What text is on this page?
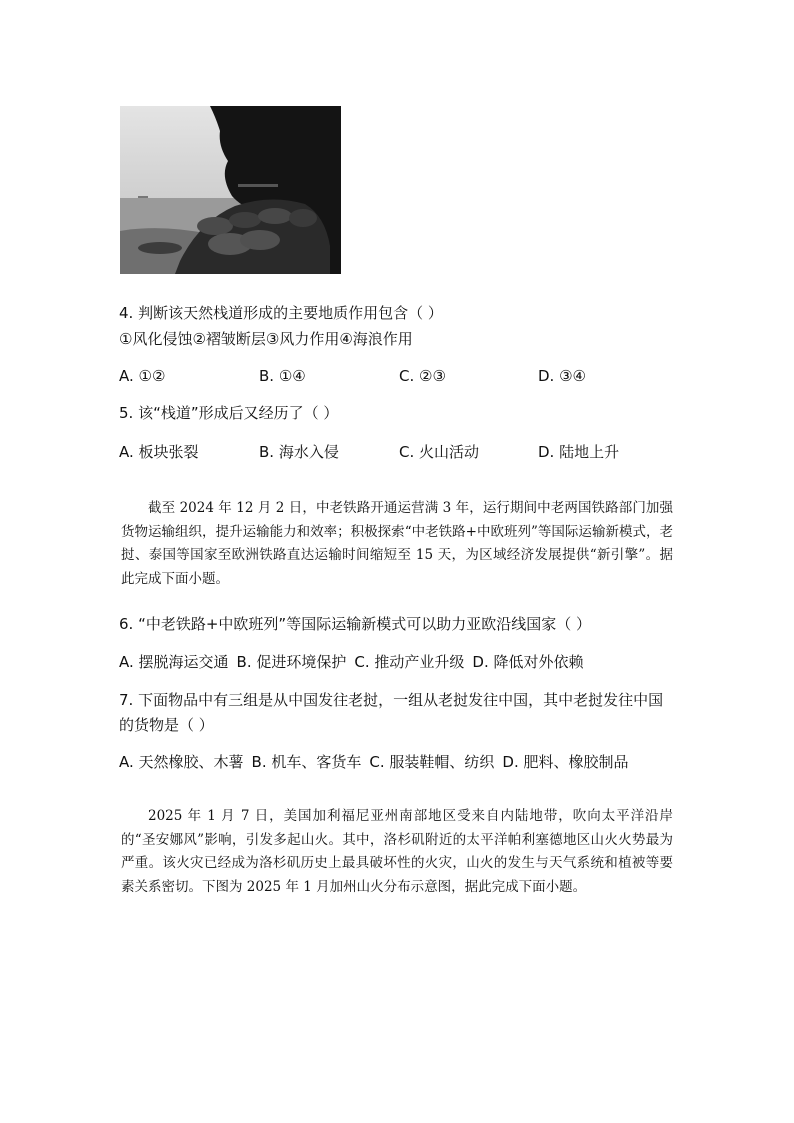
4. 判断该天然栈道形成的主要地质作用包含（ ）
①风化侵蚀②褶皱断层③风力作用④海浪作用
A. ①②	B. ①④	C. ②③	D. ③④
5. 该“栈道”形成后又经历了（ ）
A. 板块张裂	B. 海水入侵	C. 火山活动	D. 陆地上升
截至 2024 年 12 月 2 日，中老铁路开通运营满 3 年，运行期间中老两国铁路部门加强货物运输组织，提升运输能力和效率；积极探索“中老铁路+中欧班列”等国际运输新模式，老挝、泰国等国家至欧洲铁路直达运输时间缩短至 15 天，为区域经济发展提供“新引擎”。据此完成下面小题。
6. “中老铁路+中欧班列”等国际运输新模式可以助力亚欧沿线国家（ ）
A. 摆脱海运交通 B. 促进环境保护 C. 推动产业升级 D. 降低对外依赖
7. 下面物品中有三组是从中国发往老挝，一组从老挝发往中国，其中老挝发往中国的货物是（ ）
A. 天然橡胶、木薯 B. 机车、客货车 C. 服装鞋帽、纺织 D. 肥料、橡胶制品
2025 年 1 月 7 日，美国加利福尼亚州南部地区受来自内陆地带，吹向太平洋沿岸的“圣安娜风”影响，引发多起山火。其中，洛杉矶附近的太平洋帕利塞德地区山火火势最为严重。该火灾已经成为洛杉矶历史上最具破坏性的火灾，山火的发生与天气系统和植被等要素关系密切。下图为 2025 年 1 月加州山火分布示意图，据此完成下面小题。
